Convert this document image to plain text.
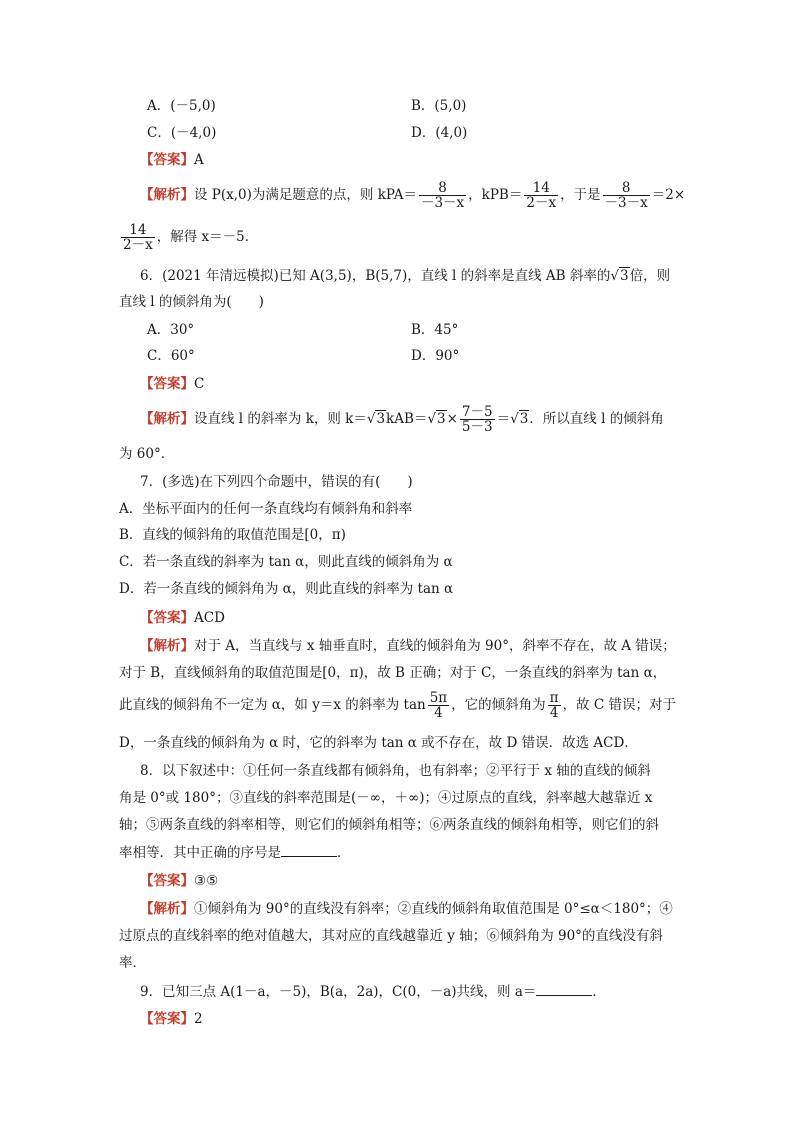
A．(－5,0)	B．(5,0)
C．(－4,0)	D．(4,0)
【答案】A
【解析】设 P(x,0)为满足题意的点，则 $kPA= \frac{8}{-3-x}$ ，$kPB= \frac{14}{2-x}$ ，于是 $\frac{8}{-3-x} =2\times$
$\frac{14}{2-x}$ ，解得 x＝－5．
6．(2021 年清远模拟)已知 A(3,5)，B(5,7)，直线 l 的斜率是直线 AB 斜率的√3倍，则
直线 l 的倾斜角为(　　)
A．30°	B．45°
C．60°	D．90°
【答案】C
【解析】设直线 l 的斜率为 k，则 $k=√3kAB=√3\times \frac{7-5}{5-3} =√3$．所以直线 l 的倾斜角
为 60°．
7．(多选)在下列四个命题中，错误的有(　　)
A．坐标平面内的任何一条直线均有倾斜角和斜率
B．直线的倾斜角的取值范围是[0，π)
C．若一条直线的斜率为 tan α，则此直线的倾斜角为 α
D．若一条直线的倾斜角为 α，则此直线的斜率为 tan α
【答案】ACD
【解析】对于 A，当直线与 x 轴垂直时，直线的倾斜角为 90°，斜率不存在，故 A 错误；
对于 B，直线倾斜角的取值范围是[0，π)，故 B 正确；对于 C，一条直线的斜率为 tan α，
此直线的倾斜角不一定为 α，如 y＝x 的斜率为 $\tan \frac{5\pi}{4}$ ，它的倾斜角为 $\frac{\pi}{4}$ ，故 C 错误；对于
D，一条直线的倾斜角为 α 时，它的斜率为 tan α 或不存在，故 D 错误．故选 ACD．
8．以下叙述中：①任何一条直线都有倾斜角，也有斜率；②平行于 x 轴的直线的倾斜
角是 0°或 180°；③直线的斜率范围是(－∞，＋∞)；④过原点的直线，斜率越大越靠近 x
轴；⑤两条直线的斜率相等，则它们的倾斜角相等；⑥两条直线的倾斜角相等，则它们的斜
率相等．其中正确的序号是	．
【答案】③⑤
【解析】①倾斜角为 90°的直线没有斜率；②直线的倾斜角取值范围是 0°≤α＜180°；④
过原点的直线斜率的绝对值越大，其对应的直线越靠近 y 轴；⑥倾斜角为 90°的直线没有斜
率．
9．已知三点 A(1－a，－5)，B(a，2a)，C(0，－a)共线，则 a＝	．
【答案】2
